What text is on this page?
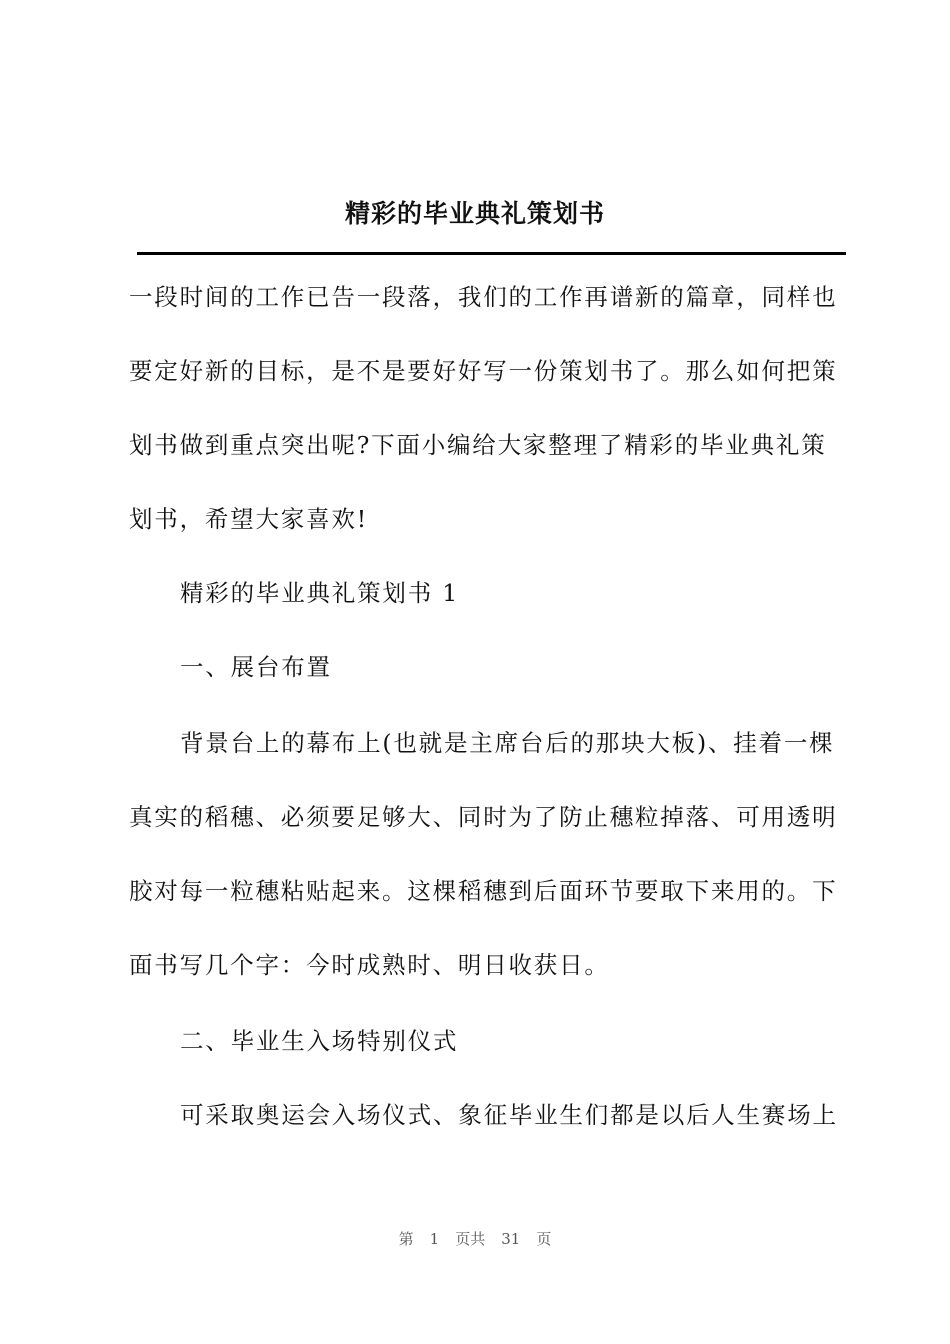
精彩的毕业典礼策划书
一段时间的工作已告一段落，我们的工作再谱新的篇章，同样也
要定好新的目标，是不是要好好写一份策划书了。那么如何把策
划书做到重点突出呢?下面小编给大家整理了精彩的毕业典礼策
划书，希望大家喜欢!
精彩的毕业典礼策划书 1
一、展台布置
背景台上的幕布上(也就是主席台后的那块大板)、挂着一棵
真实的稻穗、必须要足够大、同时为了防止穗粒掉落、可用透明
胶对每一粒穗粘贴起来。这棵稻穗到后面环节要取下来用的。下
面书写几个字：今时成熟时、明日收获日。
二、毕业生入场特别仪式
可采取奥运会入场仪式、象征毕业生们都是以后人生赛场上
第 1 页共 31 页
